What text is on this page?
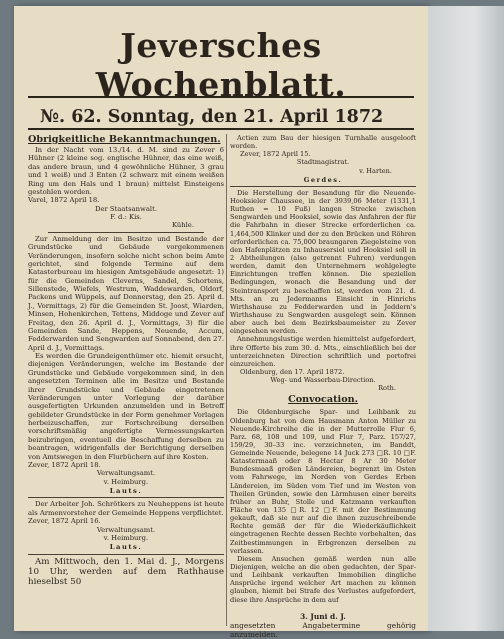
Jeversches Wochenblatt.
№. 62. Sonntag, den 21. April 1872
Obrigkeitliche Bekanntmachungen.

In der Nacht vom 13./14. d. M. sind zu Zever 6 Hühner (2 kleine sog. englische Hühner, das eine weiß, das andere braun, und 4 gewöhnliche Hühner, 3 grau und 1 weiß) und 3 Enten (2 schwarz mit einem weißen Ring um den Hals und 1 braun) mittelst Einsteigens gestohlen worden.

Varel, 1872 April 18.

Der Staatsanwalt.

F. d.: Kis.

Kühle.

Zur Anmeldung der im Besitze und Bestande der Grundstücke und Gebäude vorgekommenen Veränderungen, insofern solche nicht schon beim Amte gerichtet, sind folgende Termine auf dem Katasterbureau im hiesigen Amtsgebäude angesetzt: 1) für die Gemeinden Cleverns, Sandel, Schortens, Sillenstede, Wiefels, Westrum, Waddewarden, Oldorf, Packens und Wüppels, auf Donnerstag, den 25. April d. J., Vormittags, 2) für die Gemeinden St. Joost, Wiarden, Minsen, Hohenkirchen, Tettens, Middoge und Zever auf Freitag, den 26. April d. J., Vormittags, 3) für die Gemeinden Sande, Heppens, Neuende, Accum, Fedderwarden und Sengwarden auf Sonnabend, den 27. April d. J., Vormittags.

Es werden die Grundeigenthümer etc. hiemit ersucht, diejenigen Veränderungen, welche im Bestande der Grundstücke und Gebäude vorgekommen sind, in den angesetzten Terminen alle im Besitze und Bestande ihrer Grundstücke und Gebäude eingetretenen Veränderungen unter Vorlegung der darüber ausgefertigten Urkunden anzumelden und in Betreff gebildeter Grundstücke in der Form genehmer Vorlagen herbeizuschaffen, zur Fortschreibung derselben vorschriftsmäßig angefertigte Vermessungskarten beizubringen, eventuell die Beschaffung derselben zu beantragen, widrigenfalls der Berichtigung derselben von Amtswegen in den Flurbüchern auf ihre Kosten.

Zever, 1872 April 18.

Verwaltungsamt.

v. Heimburg.

Lauts.

Der Arbeiter Joh. Schrötkers zu Neuheppens ist heute als Armenvorsteher der Gemeinde Heppens verpflichtet.

Zever, 1872 April 16.

Verwaltungsamt.

v. Heimburg.

Lauts.

Am Mittwoch, den 1. Mai d. J., Morgens 10 Uhr, werden auf dem Rathhause hieselbst 50

Actien zum Bau der hiesigen Turnhalle ausgelooft worden.

Zever, 1872 April 15.

Stadtmagistrat.

v. Harten.

Gerdes.

Die Herstellung der Besandung für die Neuende-Hooksieler Chaussee, in der 3939,06 Meter (1331,1 Ruthen = 10 Fuß) langen Strecke zwischen Sengwarden und Hooksiel, sowie das Anfahren der für die Fahrbahn in dieser Strecke erforderlichen ca. 1,464,500 Klinker und der zu den Brücken und Röhren erforderlichen ca. 75,000 braungaren Ziegelsteine von den Hafenplätzen zu Inhausersiel und Hooksiel soll in 2 Abtheilungen (also getrennt Fuhren) verdungen werden, damit den Unternehmern wohlgelegte Einrichtungen treffen können. Die speziellen Bedingungen, wonach die Besandung und der Steintransport zu beschaffen ist, werden vom 21. d. Mts. an zu Jedermanns Einsicht in Hinrichs Wirthshause zu Fedderwarden und in Jeddern's Wirthshause zu Sengwarden ausgelegt sein. Können aber auch bei dem Bezirksbaumeister zu Zever eingesehen werden.

Annehmungslustige werden hiemittelst aufgefordert, ihre Offerte bis zum 30. d. Mts., einschließlich bei der unterzeichneten Direction schriftlich und portofrei einzureichen.

Oldenburg, den 17. April 1872.

Weg- und Wasserbau-Direction.

Roth.

Convocation.

Die Oldenburgische Spar- und Leihbank zu Oldenburg hat von dem Hausmann Anton Müller zu Neuende-Kirchreihe die in der Mutterrolle Flur 6, Parz. 68, 108 und 109, und Flur 7, Parz. 157/27, 159/29, 30–33 inc. verzeichneten, im Banddt, Gemeinde Neuende, belegene 14 Juck 273 □R. 10 □F. Katastermaaß oder 8 Hectar 8 Ar 30 Meter Bundesmaaß großen Ländereien, begrenzt im Osten vom Fahrwege, im Norden von Gerdes Erben Ländereien, im Süden vom Tief und im Westen von Theilen Gründen, sowie den Lärmhusen einer bereits früher an Buhr, Stolle und Katzmann verkauften Fläche von 135 □R. 12 □F. mit der Bestimmung gekauft, daß sie nur auf die ihnen zuzuschreibende Rechte gemäß der für die Wiederkäuflichkeit eingetragenen Rechte dessen Rechte vorbehalten, das Zeitbestimmungen in Erbgrenzen derselben zu verlassen.

Diesem Ansuchen gemäß werden nun alle Diejenigen, welche an die oben gedachten, der Spar- und Leihbank verkauften Immobilien dingliche Ansprüche irgend welcher Art machen zu können glauben, hiemit bei Strafe des Verlustes aufgefordert, diese ihre Ansprüche in dem auf

3. Juni d. J.

angesetzten Angabetermine gehörig anzumelden.
